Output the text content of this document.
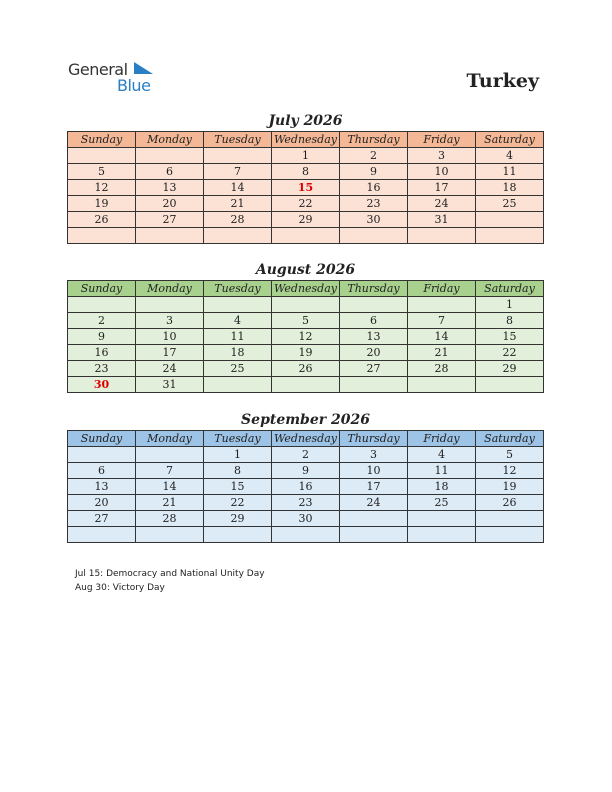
General
Blue	Turkey
July 2026
Sunday	Monday	Tuesday	Wednesday	Thursday	Friday	Saturday
			1	2	3	4
5	6	7	8	9	10	11
12	13	14	15	16	17	18
19	20	21	22	23	24	25
26	27	28	29	30	31	

August 2026
Sunday	Monday	Tuesday	Wednesday	Thursday	Friday	Saturday
						1
2	3	4	5	6	7	8
9	10	11	12	13	14	15
16	17	18	19	20	21	22
23	24	25	26	27	28	29
30	31					
September 2026
Sunday	Monday	Tuesday	Wednesday	Thursday	Friday	Saturday
		1	2	3	4	5
6	7	8	9	10	11	12
13	14	15	16	17	18	19
20	21	22	23	24	25	26
27	28	29	30			

Jul 15: Democracy and National Unity Day
Aug 30: Victory Day
